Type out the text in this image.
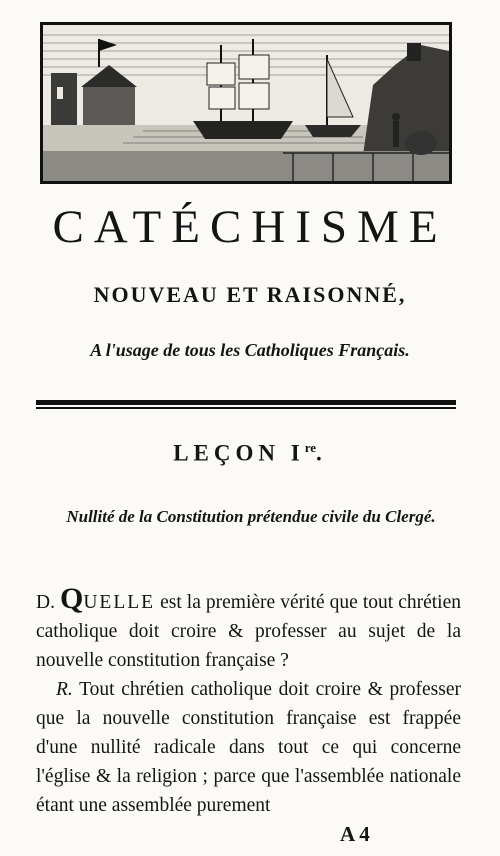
CATÉCHISME
NOUVEAU ET RAISONNÉ,
A l'usage de tous les Catholiques Français.
LEÇON Ire.
Nullité de la Constitution prétendue civile du Clergé.

D. QUELLE est la première vérité que tout chrétien catholique doit croire & professer au sujet de la nouvelle constitution française ?

R. Tout chrétien catholique doit croire & professer que la nouvelle constitution française est frappée d'une nullité radicale dans tout ce qui concerne l'église & la religion ; parce que l'assemblée nationale étant une assemblée purement

A 4
